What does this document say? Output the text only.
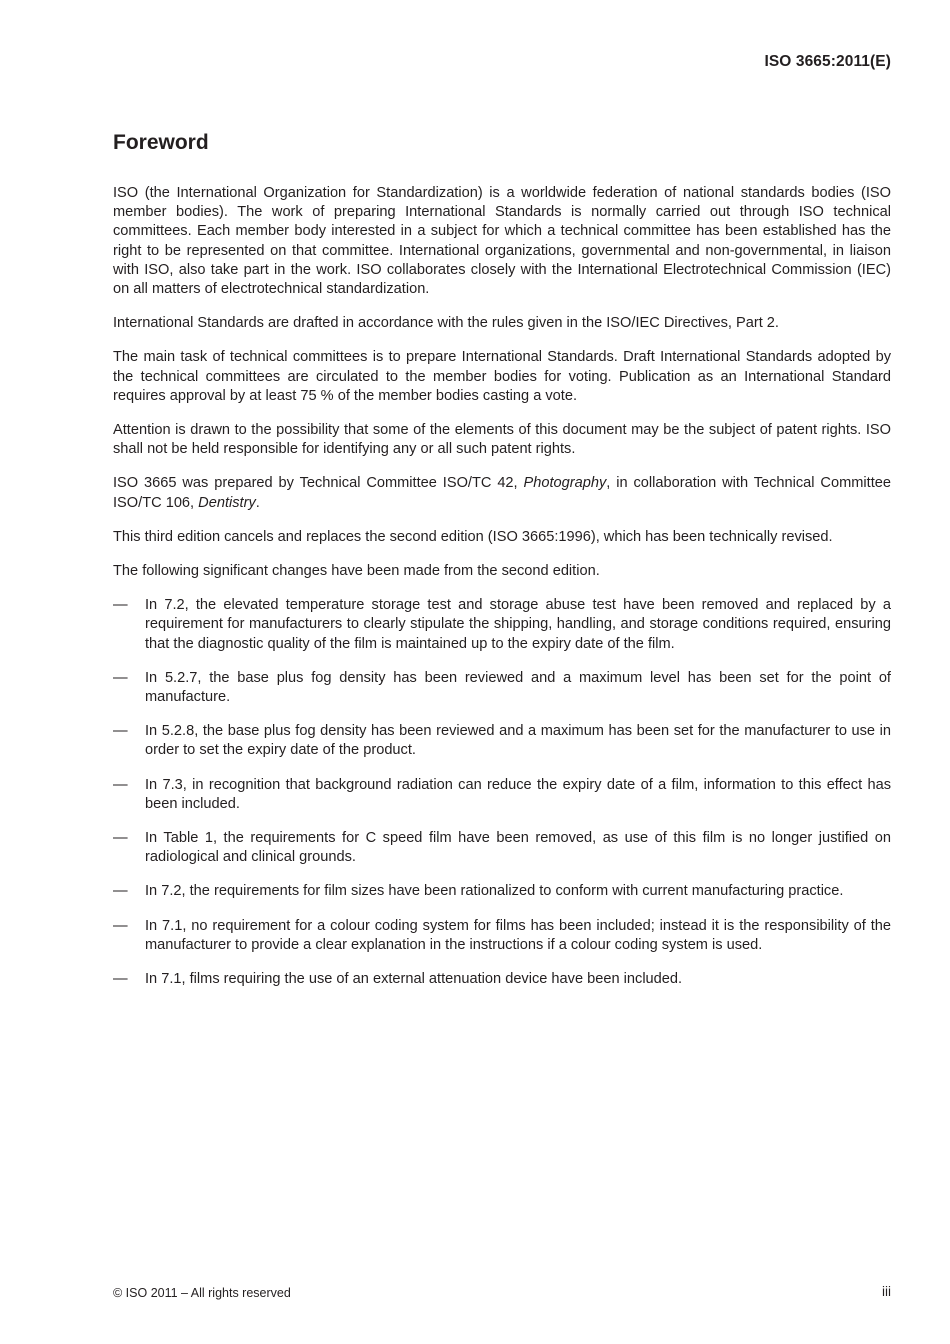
ISO 3665:2011(E)
Foreword

ISO (the International Organization for Standardization) is a worldwide federation of national standards bodies (ISO member bodies). The work of preparing International Standards is normally carried out through ISO technical committees. Each member body interested in a subject for which a technical committee has been established has the right to be represented on that committee. International organizations, governmental and non-governmental, in liaison with ISO, also take part in the work. ISO collaborates closely with the International Electrotechnical Commission (IEC) on all matters of electrotechnical standardization.

International Standards are drafted in accordance with the rules given in the ISO/IEC Directives, Part 2.

The main task of technical committees is to prepare International Standards. Draft International Standards adopted by the technical committees are circulated to the member bodies for voting. Publication as an International Standard requires approval by at least 75 % of the member bodies casting a vote.

Attention is drawn to the possibility that some of the elements of this document may be the subject of patent rights. ISO shall not be held responsible for identifying any or all such patent rights.

ISO 3665 was prepared by Technical Committee ISO/TC 42, Photography, in collaboration with Technical Committee ISO/TC 106, Dentistry.

This third edition cancels and replaces the second edition (ISO 3665:1996), which has been technically revised.

The following significant changes have been made from the second edition.

— In 7.2, the elevated temperature storage test and storage abuse test have been removed and replaced by a requirement for manufacturers to clearly stipulate the shipping, handling, and storage conditions required, ensuring that the diagnostic quality of the film is maintained up to the expiry date of the film.
— In 5.2.7, the base plus fog density has been reviewed and a maximum level has been set for the point of manufacture.
— In 5.2.8, the base plus fog density has been reviewed and a maximum has been set for the manufacturer to use in order to set the expiry date of the product.
— In 7.3, in recognition that background radiation can reduce the expiry date of a film, information to this effect has been included.
— In Table 1, the requirements for C speed film have been removed, as use of this film is no longer justified on radiological and clinical grounds.
— In 7.2, the requirements for film sizes have been rationalized to conform with current manufacturing practice.
— In 7.1, no requirement for a colour coding system for films has been included; instead it is the responsibility of the manufacturer to provide a clear explanation in the instructions if a colour coding system is used.
— In 7.1, films requiring the use of an external attenuation device have been included.
© ISO 2011 – All rights reserved	iii
